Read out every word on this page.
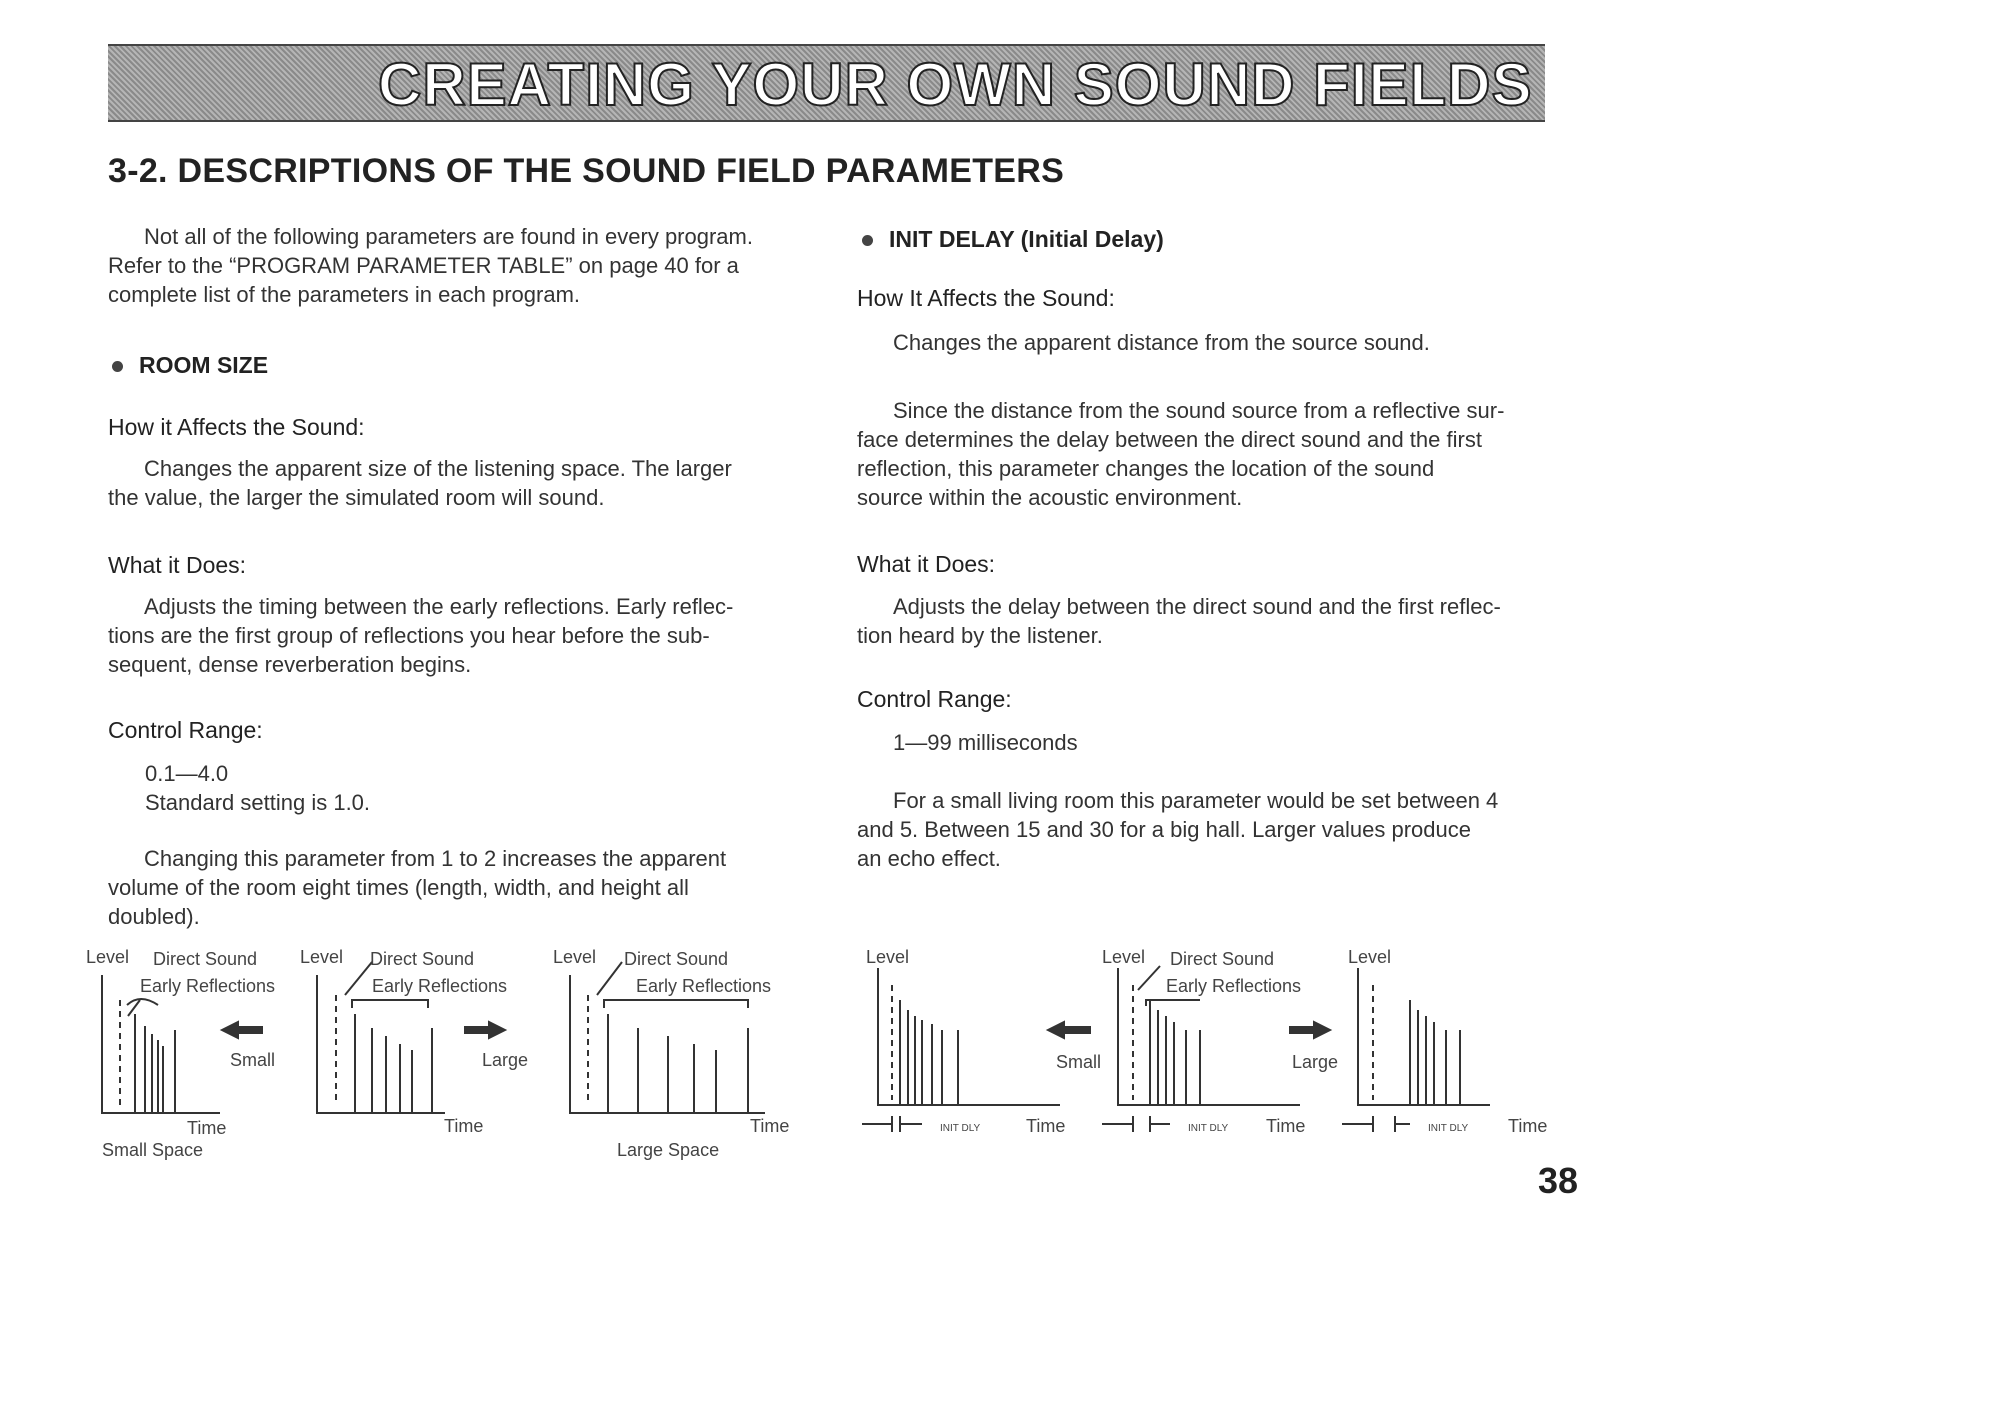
CREATING YOUR OWN SOUND FIELDS
3-2. DESCRIPTIONS OF THE SOUND FIELD PARAMETERS
Not all of the following parameters are found in every program.
Refer to the “PROGRAM PARAMETER TABLE” on page 40 for a
complete list of the parameters in each program.
ROOM SIZE
How it Affects the Sound:
Changes the apparent size of the listening space. The larger
the value, the larger the simulated room will sound.
What it Does:
Adjusts the timing between the early reflections. Early reflec-
tions are the first group of reflections you hear before the sub-
sequent, dense reverberation begins.
Control Range:
0.1—4.0
Standard setting is 1.0.
Changing this parameter from 1 to 2 increases the apparent
volume of the room eight times (length, width, and height all
doubled).
INIT DELAY (Initial Delay)
How It Affects the Sound:
Changes the apparent distance from the source sound.
Since the distance from the sound source from a reflective sur-
face determines the delay between the direct sound and the first
reflection, this parameter changes the location of the sound
source within the acoustic environment.
What it Does:
Adjusts the delay between the direct sound and the first reflec-
tion heard by the listener.
Control Range:
1—99 milliseconds
For a small living room this parameter would be set between 4
and 5. Between 15 and 30 for a big hall. Larger values produce
an echo effect.
Level Direct Sound
Early Reflections
Small
Time
Small Space
Level Direct Sound
Early Reflections
Large
Time
Level Direct Sound
Early Reflections
Time
Large Space
Level
Small
INIT DLY	Time
Level Direct Sound
Early Reflections
Large
INIT DLY Time
Level
INIT DLY Time
38
